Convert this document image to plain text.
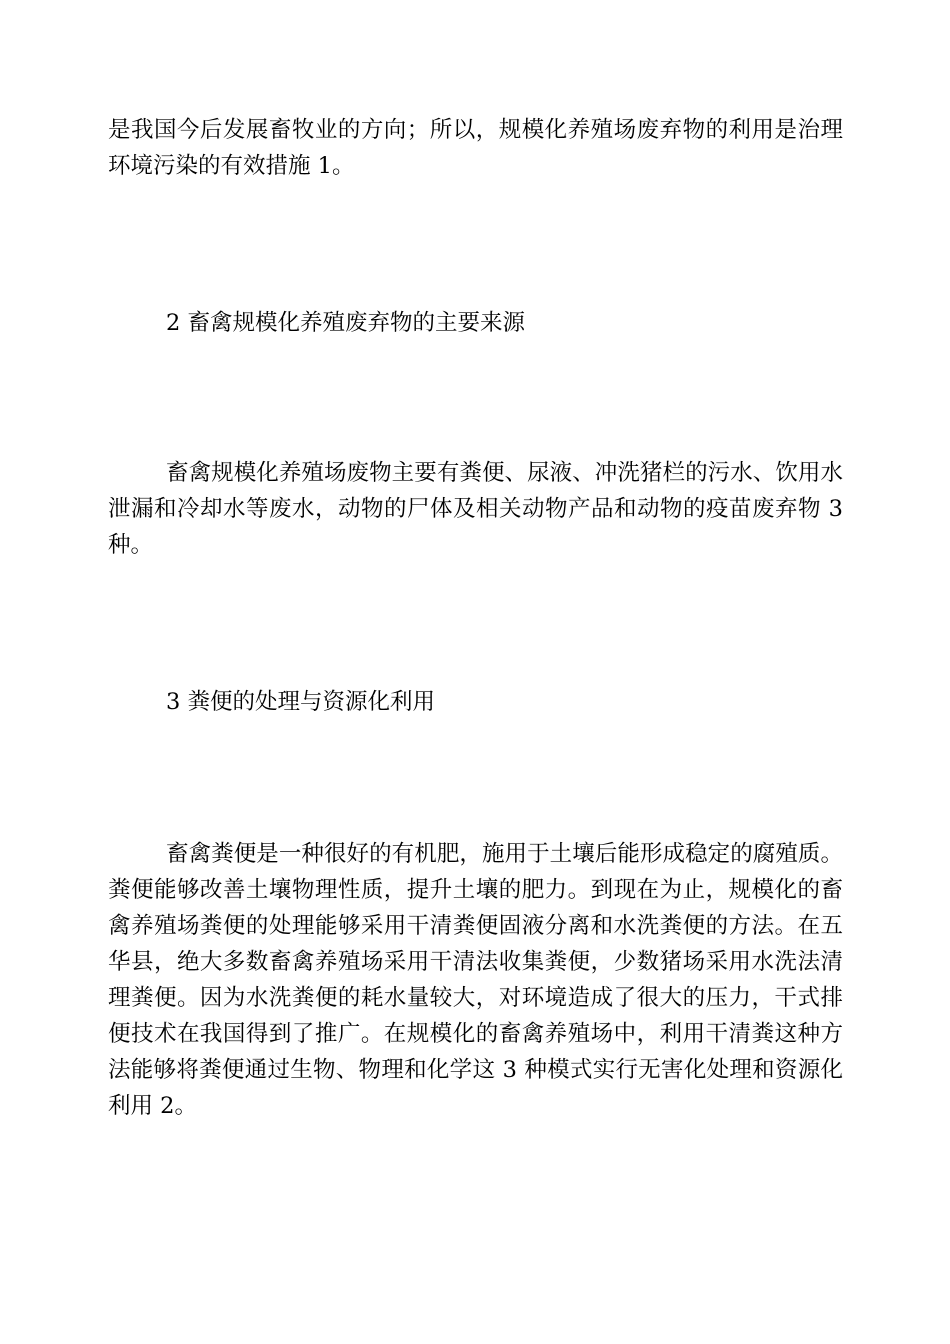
是我国今后发展畜牧业的方向；所以，规模化养殖场废弃物的利用是治理环境污染的有效措施 1。

2 畜禽规模化养殖废弃物的主要来源

畜禽规模化养殖场废物主要有粪便、尿液、冲洗猪栏的污水、饮用水泄漏和冷却水等废水，动物的尸体及相关动物产品和动物的疫苗废弃物 3 种。

3 粪便的处理与资源化利用

畜禽粪便是一种很好的有机肥，施用于土壤后能形成稳定的腐殖质。粪便能够改善土壤物理性质，提升土壤的肥力。到现在为止，规模化的畜禽养殖场粪便的处理能够采用干清粪便固液分离和水洗粪便的方法。在五华县，绝大多数畜禽养殖场采用干清法收集粪便，少数猪场采用水洗法清理粪便。因为水洗粪便的耗水量较大，对环境造成了很大的压力，干式排便技术在我国得到了推广。在规模化的畜禽养殖场中，利用干清粪这种方法能够将粪便通过生物、物理和化学这 3 种模式实行无害化处理和资源化利用 2。
